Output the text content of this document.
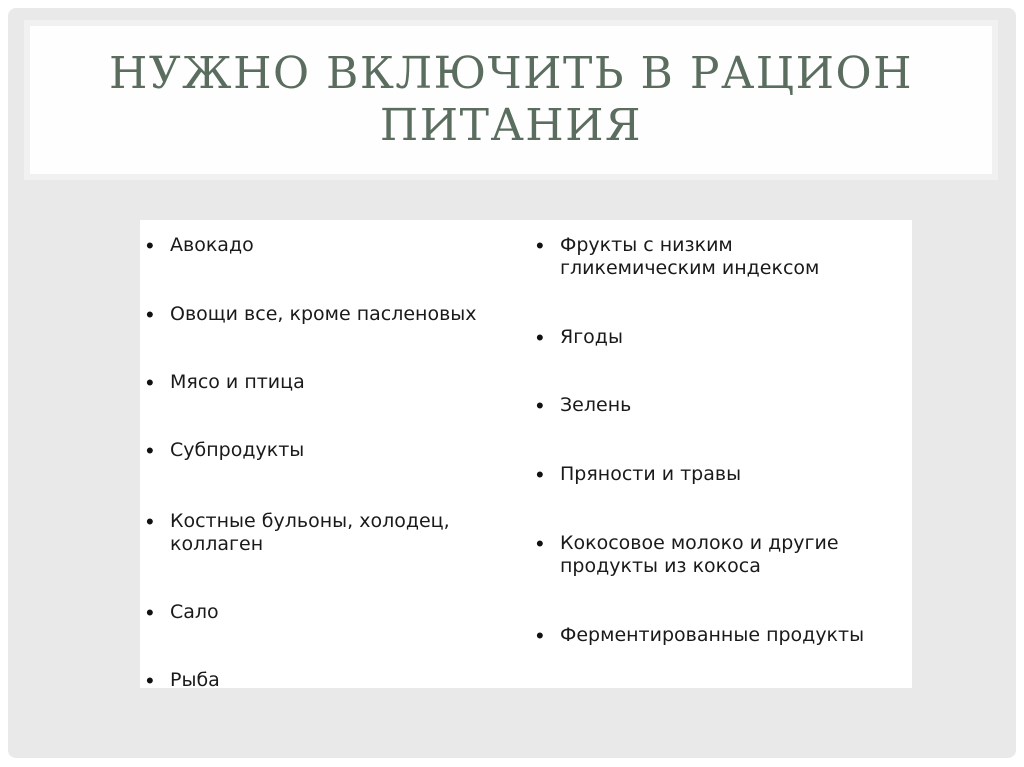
НУЖНО ВКЛЮЧИТЬ В РАЦИОН ПИТАНИЯ
• Авокадо
• Овощи все, кроме пасленовых
• Мясо и птица
• Субпродукты
• Костные бульоны, холодец,
коллаген
• Сало
• Рыба
• Фрукты с низким
гликемическим индексом
• Ягоды
• Зелень
• Пряности и травы
• Кокосовое молоко и другие
продукты из кокоса
• Ферментированные продукты
